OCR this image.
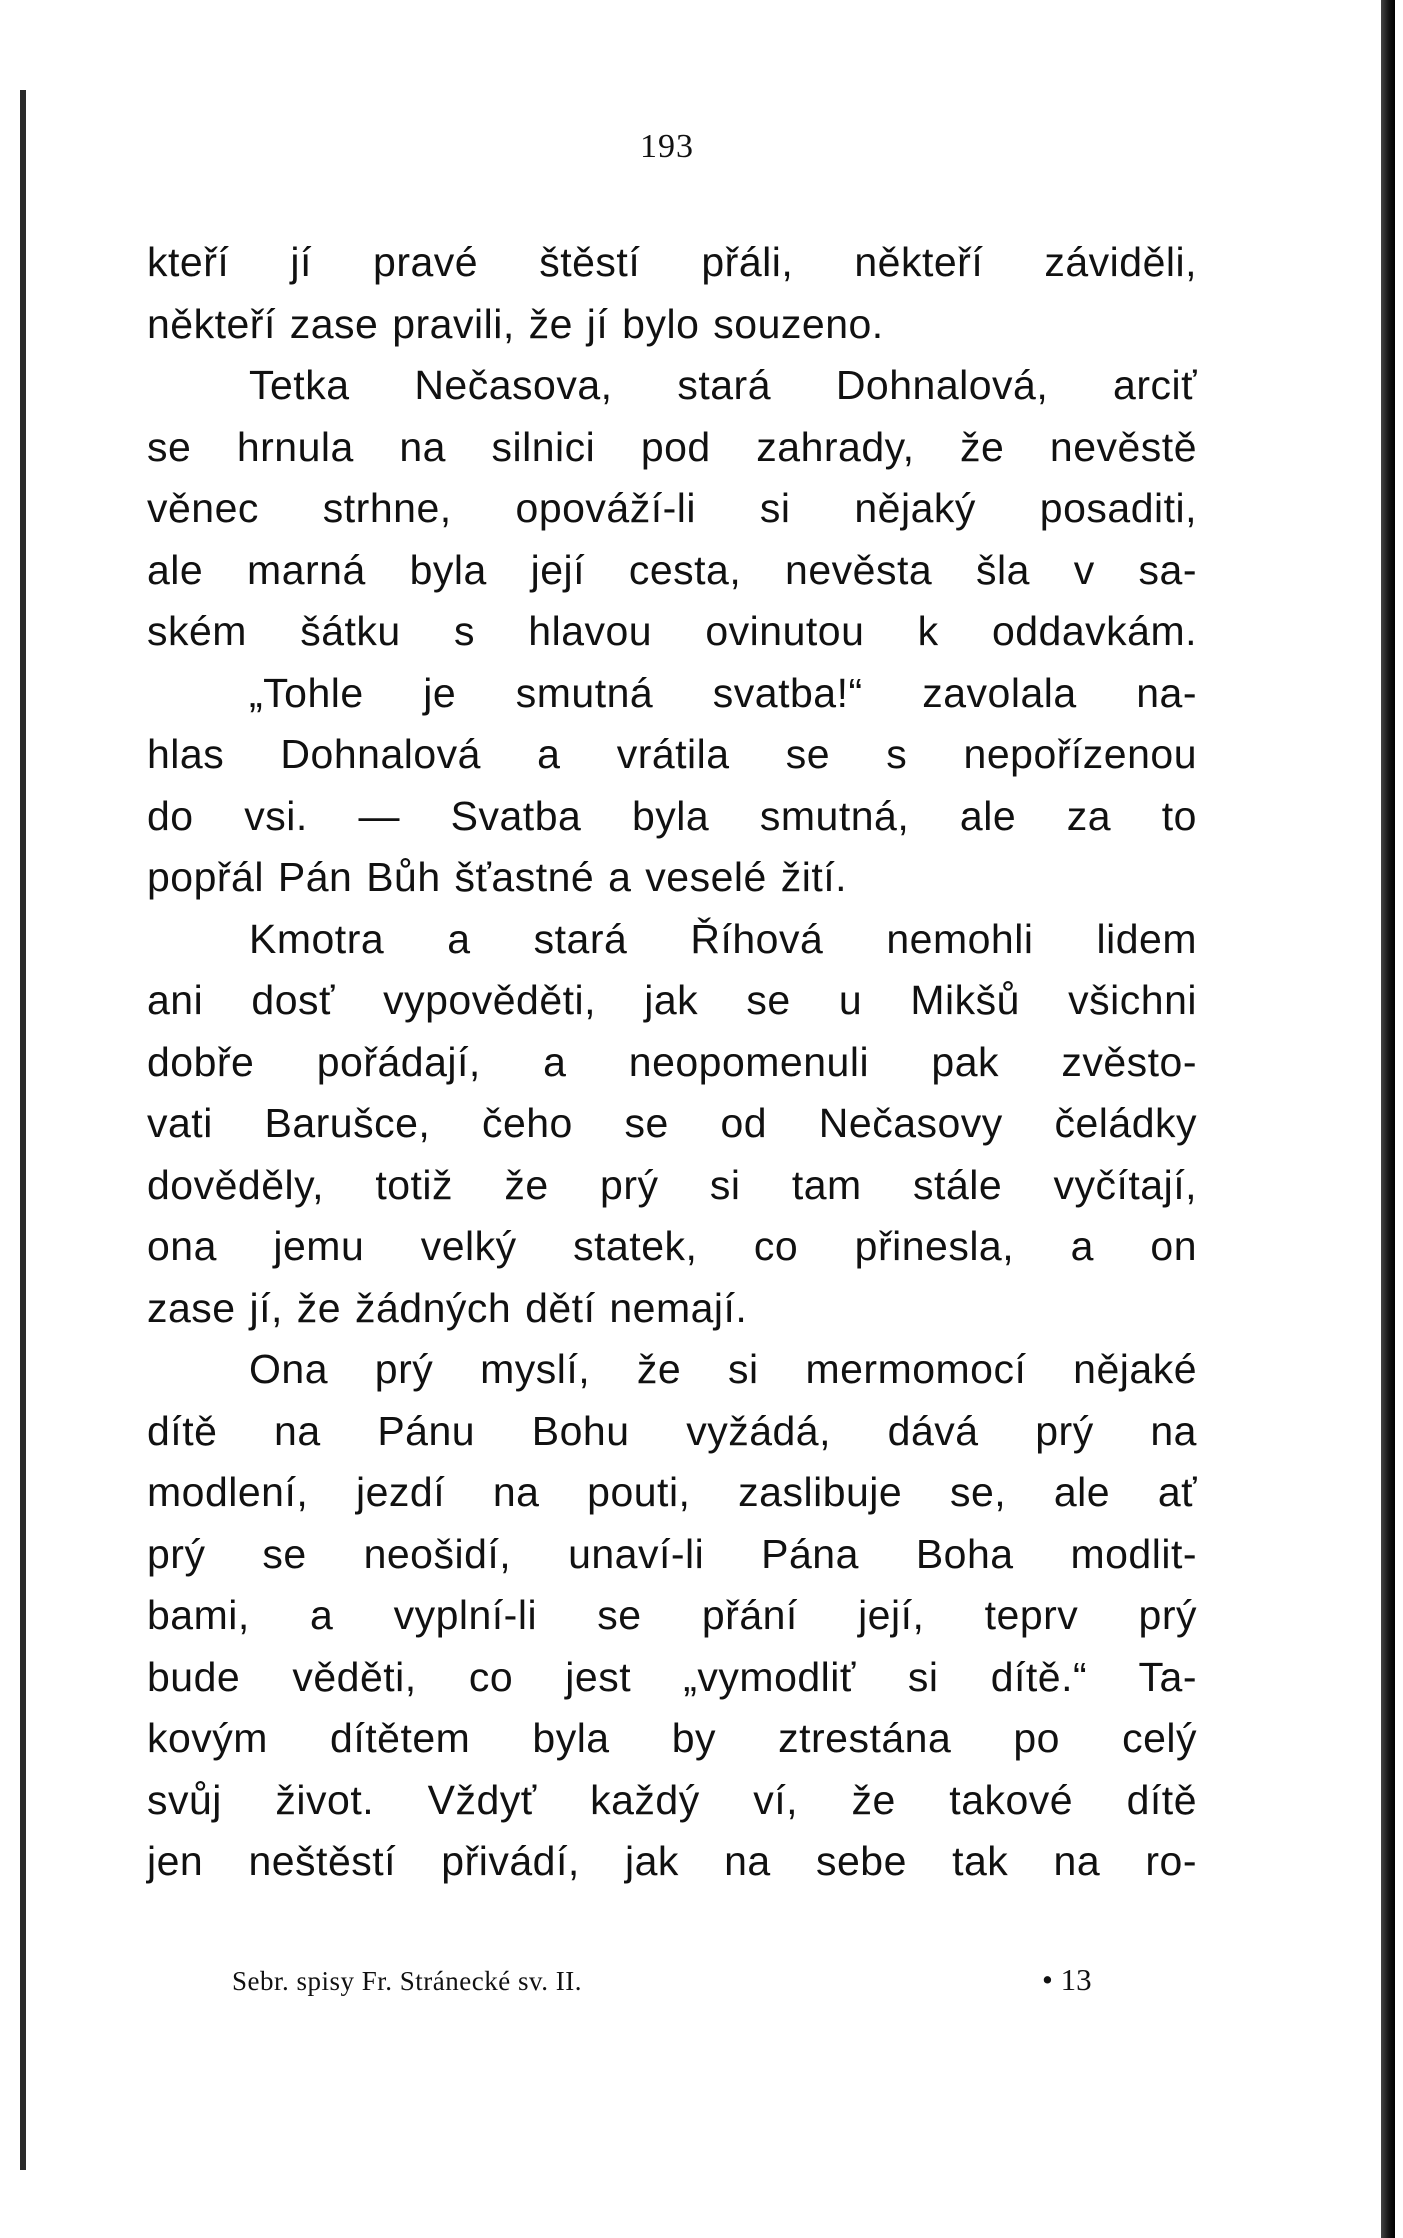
193
kteří jí pravé štěstí přáli, někteří záviděli,
někteří zase pravili, že jí bylo souzeno.
Tetka Nečasova, stará Dohnalová, arciť
se hrnula na silnici pod zahrady, že nevěstě
věnec strhne, opováží-li si nějaký posaditi,
ale marná byla její cesta, nevěsta šla v sa-
ském šátku s hlavou ovinutou k oddavkám.
„Tohle je smutná svatba!“ zavolala na-
hlas Dohnalová a vrátila se s nepořízenou
do vsi. — Svatba byla smutná, ale za to
popřál Pán Bůh šťastné a veselé žití.
Kmotra a stará Říhová nemohli lidem
ani dosť vypověděti, jak se u Mikšů všichni
dobře pořádají, a neopomenuli pak zvěsto-
vati Barušce, čeho se od Nečasovy čeládky
dověděly, totiž že prý si tam stále vyčítají,
ona jemu velký statek, co přinesla, a on
zase jí, že žádných dětí nemají.
Ona prý myslí, že si mermomocí nějaké
dítě na Pánu Bohu vyžádá, dává prý na
modlení, jezdí na pouti, zaslibuje se, ale ať
prý se neošidí, unaví-li Pána Boha modlit-
bami, a vyplní-li se přání její, teprv prý
bude věděti, co jest „vymodliť si dítě.“ Ta-
kovým dítětem byla by ztrestána po celý
svůj život. Vždyť každý ví, že takové dítě
jen neštěstí přivádí, jak na sebe tak na ro-
Sebr. spisy Fr. Stránecké sv. II.	• 13
